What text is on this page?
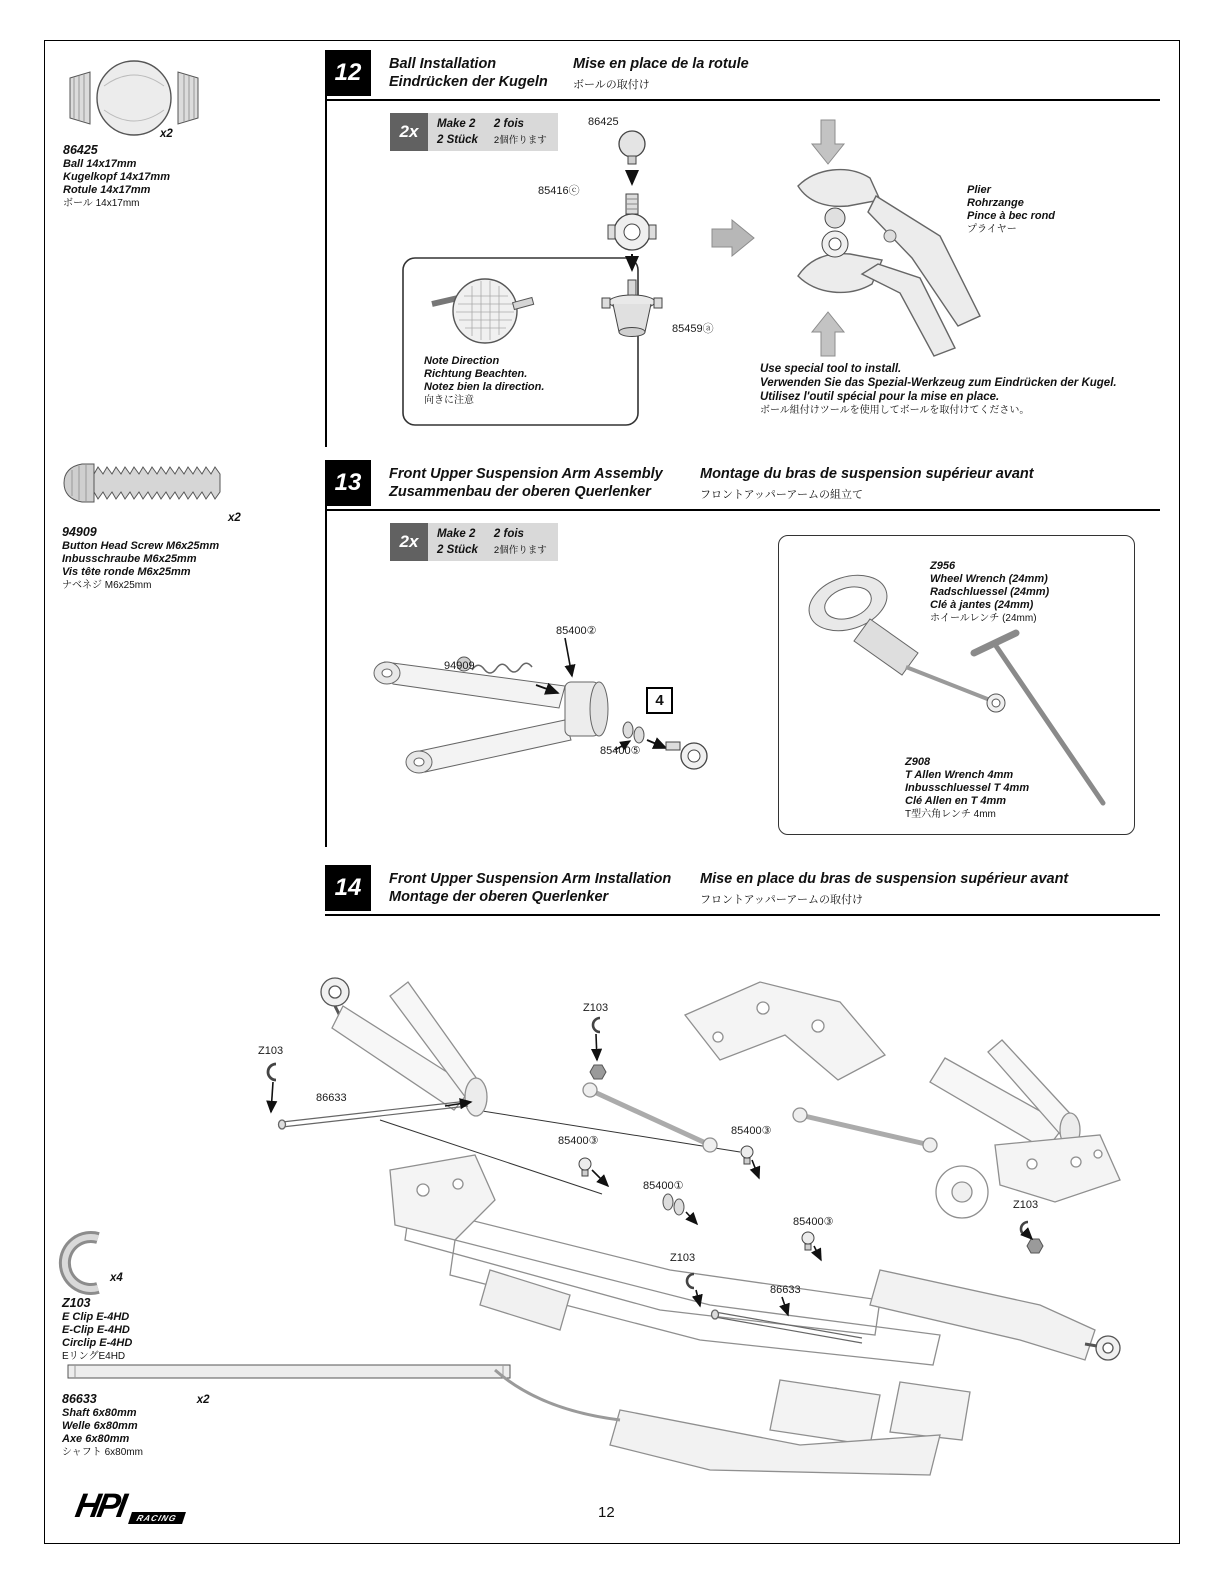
x2
86425
Ball 14x17mm
Kugelkopf 14x17mm
Rotule 14x17mm
ボール 14x17mm
x2
94909
Button Head Screw M6x25mm
Inbusschraube M6x25mm
Vis tête ronde M6x25mm
ナベネジ M6x25mm
x4
Z103
E Clip E-4HD
E-Clip E-4HD
Circlip E-4HD
EリングE4HD
86633	x2
Shaft 6x80mm
Welle 6x80mm
Axe 6x80mm
シャフト 6x80mm
12	Ball Installation
Eindrücken der Kugeln
Mise en place de la rotule
ボールの取付け
2x	Make 2
2 Stück
2 fois
2個作ります
86425
85416ⓒ
85459ⓐ
Note Direction
Richtung Beachten.
Notez bien la direction.
向きに注意
Plier
Rohrzange
Pince à bec rond
プライヤー
Use special tool to install.
Verwenden Sie das Spezial-Werkzeug zum Eindrücken der Kugel.
Utilisez l'outil spécial pour la mise en place.
ボール組付けツールを使用してボールを取付けてください。
13	Front Upper Suspension Arm Assembly
Zusammenbau der oberen Querlenker
Montage du bras de suspension supérieur avant
フロントアッパーアームの組立て
2x	Make 2
2 Stück
2 fois
2個作ります
85400②
94909
85400⑤
4
Z956
Wheel Wrench (24mm)
Radschluessel (24mm)
Clé à jantes (24mm)
ホイールレンチ (24mm)
Z908
T Allen Wrench 4mm
Inbusschluessel T 4mm
Clé Allen en T 4mm
T型六角レンチ 4mm
14	Front Upper Suspension Arm Installation
Montage der oberen Querlenker
Mise en place du bras de suspension supérieur avant
フロントアッパーアームの取付け
Z103
Z103
86633
85400③
85400③
85400①
85400③
Z103
Z103
86633
HPI RACING	12
